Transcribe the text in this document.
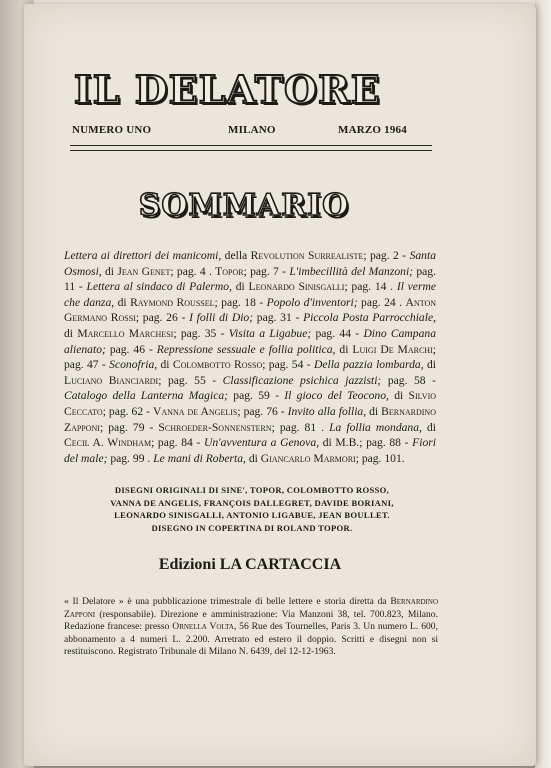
IL DELATORE
NUMERO UNO	MILANO	MARZO 1964
SOMMARIO
Lettera ai direttori dei manicomi, della Revolution Surrealiste; pag. 2 - Santa Osmosi, di Jean Genet; pag. 4 . Topor; pag. 7 - L'imbecillità del Manzoni; pag. 11 - Lettera al sindaco di Palermo, di Leonardo Sinisgalli; pag. 14 . Il verme che danza, di Raymond Roussel; pag. 18 - Popolo d'inventori; pag. 24 . Anton Germano Rossi; pag. 26 - I folli di Dio; pag. 31 - Piccola Posta Parrocchiale, di Marcello Marchesi; pag. 35 - Visita a Ligabue; pag. 44 - Dino Campana alienato; pag. 46 - Repressione sessuale e follia politica, di Luigi De Marchi; pag. 47 - Sconofria, di Colombotto Rosso; pag. 54 - Della pazzia lombarda, di Luciano Bianciardi; pag. 55 - Classificazione psichica jazzisti; pag. 58 - Catalogo della Lanterna Magica; pag. 59 - Il gioco del Teocono, di Silvio Ceccato; pag. 62 - Vanna de Angelis; pag. 76 - Invito alla follia, di Bernardino Zapponi; pag. 79 - Schroeder-Sonnenstern; pag. 81 . La follia mondana, di Cecil A. Windham; pag. 84 - Un'avventura a Genova, di M.B.; pag. 88 - Fiori del male; pag. 99 . Le mani di Roberta, di Giancarlo Marmori; pag. 101.
DISEGNI ORIGINALI DI SINE', TOPOR, COLOMBOTTO ROSSO,
VANNA DE ANGELIS, FRANÇOIS DALLEGRET, DAVIDE BORIANI,
LEONARDO SINISGALLI, ANTONIO LIGABUE, JEAN BOULLET.
DISEGNO IN COPERTINA DI ROLAND TOPOR.
Edizioni LA CARTACCIA
« Il Delatore » è una pubblicazione trimestrale di belle lettere e storia diretta da Bernardino Zapponi (responsabile). Direzione e amministrazione: Via Manzoni 38, tel. 700.823, Milano. Redazione francese: presso Ornella Volta, 56 Rue des Tournelles, Paris 3. Un numero L. 600, abbonamento a 4 numeri L. 2.200. Arretrato ed estero il doppio. Scritti e disegni non si restituiscono. Registrato Tribunale di Milano N. 6439, del 12-12-1963.
